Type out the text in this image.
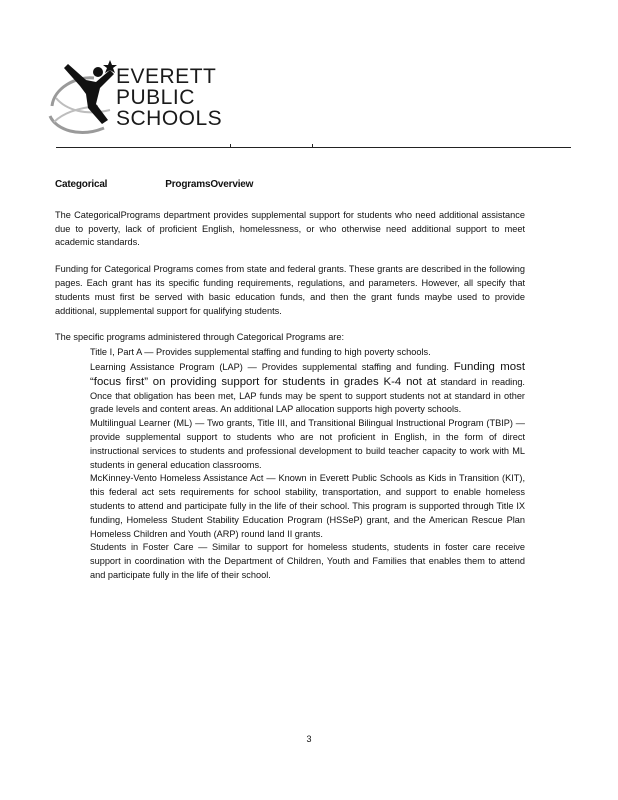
EVERETT
PUBLIC
SCHOOLS
Categorical	ProgramsOverview

The CategoricalPrograms department provides supplemental support for students who need additional assistance due to poverty, lack of proficient English, homelessness, or who otherwise need additional support to meet academic standards.

Funding for Categorical Programs comes from state and federal grants. These grants are described in the following pages. Each grant has its specific funding requirements, regulations, and parameters. However, all specify that students must first be served with basic education funds, and then the grant funds maybe used to provide additional, supplemental support for qualifying students.

The specific programs administered through Categorical Programs are:

Title I, Part A — Provides supplemental staffing and funding to high poverty schools.
Learning Assistance Program (LAP) — Provides supplemental staffing and funding. Funding most “focus first” on providing support for students in grades K-4 not at standard in reading. Once that obligation has been met, LAP funds may be spent to support students not at standard in other grade levels and content areas. An additional LAP allocation supports high poverty schools.
Multilingual Learner (ML) — Two grants, Title III, and Transitional Bilingual Instructional Program (TBIP) — provide supplemental support to students who are not proficient in English, in the form of direct instructional services to students and professional development to build teacher capacity to work with ML students in general education classrooms.
McKinney-Vento Homeless Assistance Act — Known in Everett Public Schools as Kids in Transition (KIT), this federal act sets requirements for school stability, transportation, and support to enable homeless students to attend and participate fully in the life of their school. This program is supported through Title IX funding, Homeless Student Stability Education Program (HSSeP) grant, and the American Rescue Plan Homeless Children and Youth (ARP) round land II grants.
Students in Foster Care — Similar to support for homeless students, students in foster care receive support in coordination with the Department of Children, Youth and Families that enables them to attend and participate fully in the life of their school.
3
